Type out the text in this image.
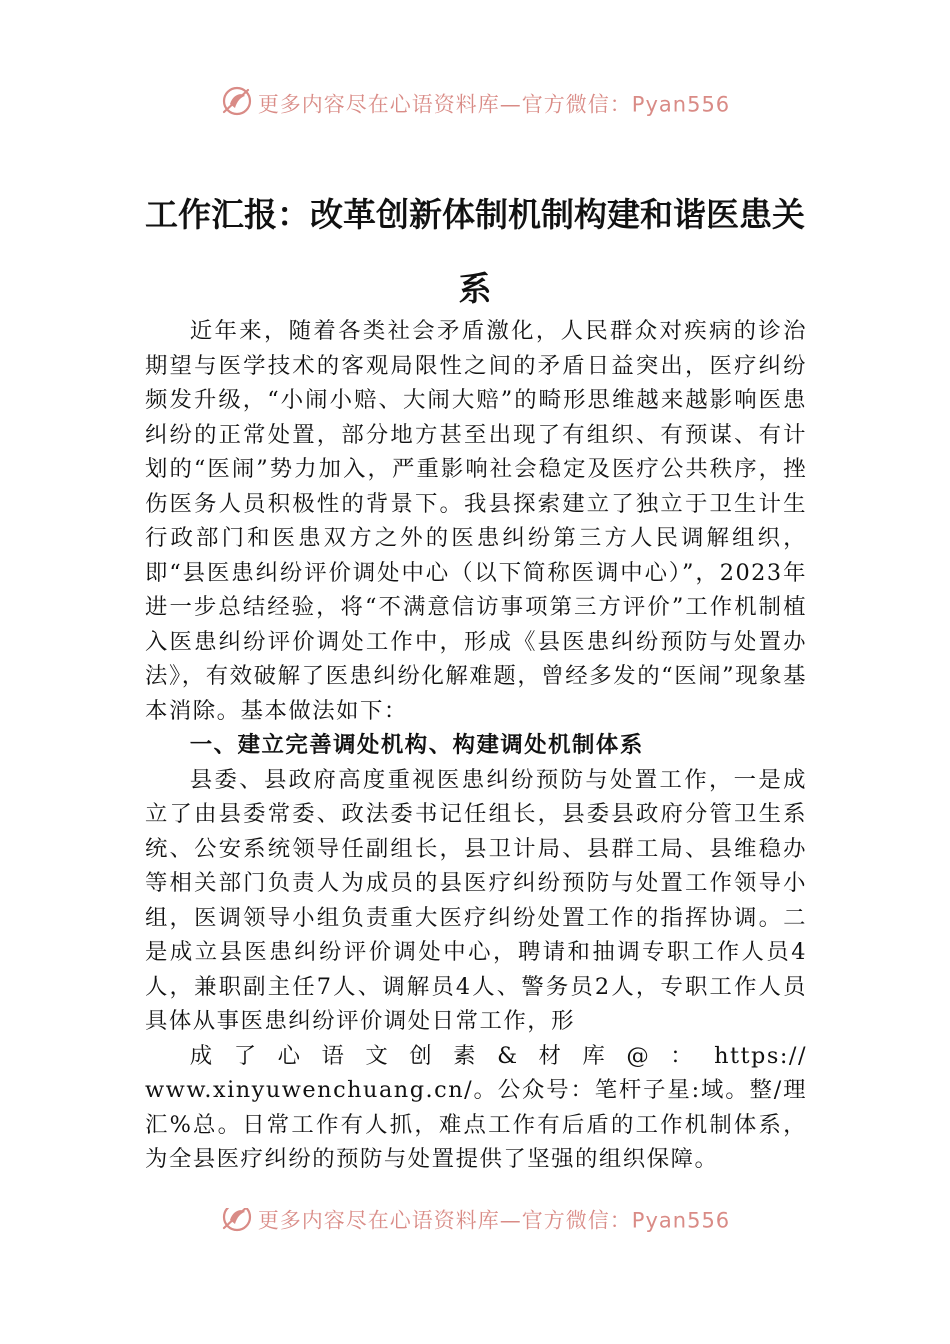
更多内容尽在心语资料库—官方微信：Pyan556
工作汇报：改革创新体制机制构建和谐医患关系

近年来，随着各类社会矛盾激化，人民群众对疾病的诊治期望与医学技术的客观局限性之间的矛盾日益突出，医疗纠纷频发升级，“小闹小赔、大闹大赔”的畸形思维越来越影响医患纠纷的正常处置，部分地方甚至出现了有组织、有预谋、有计划的“医闹”势力加入，严重影响社会稳定及医疗公共秩序，挫伤医务人员积极性的背景下。我县探索建立了独立于卫生计生行政部门和医患双方之外的医患纠纷第三方人民调解组织，即“县医患纠纷评价调处中心（以下简称医调中心）”，2023年进一步总结经验，将“不满意信访事项第三方评价”工作机制植入医患纠纷评价调处工作中，形成《县医患纠纷预防与处置办法》，有效破解了医患纠纷化解难题，曾经多发的“医闹”现象基本消除。基本做法如下：

一、建立完善调处机构、构建调处机制体系

县委、县政府高度重视医患纠纷预防与处置工作，一是成立了由县委常委、政法委书记任组长，县委县政府分管卫生系统、公安系统领导任副组长，县卫计局、县群工局、县维稳办等相关部门负责人为成员的县医疗纠纷预防与处置工作领导小组，医调领导小组负责重大医疗纠纷处置工作的指挥协调。二是成立县医患纠纷评价调处中心，聘请和抽调专职工作人员4人，兼职副主任7人、调解员4人、警务员2人，专职工作人员具体从事医患纠纷评价调处日常工作，形
成了心语文创素&材库@：https://
www.xinyuwenchuang.cn/。公众号：笔杆子星:域。整/理汇%总。日常工作有人抓，难点工作有后盾的工作机制体系，为全县医疗纠纷的预防与处置提供了坚强的组织保障。

更多内容尽在心语资料库—官方微信：Pyan556
